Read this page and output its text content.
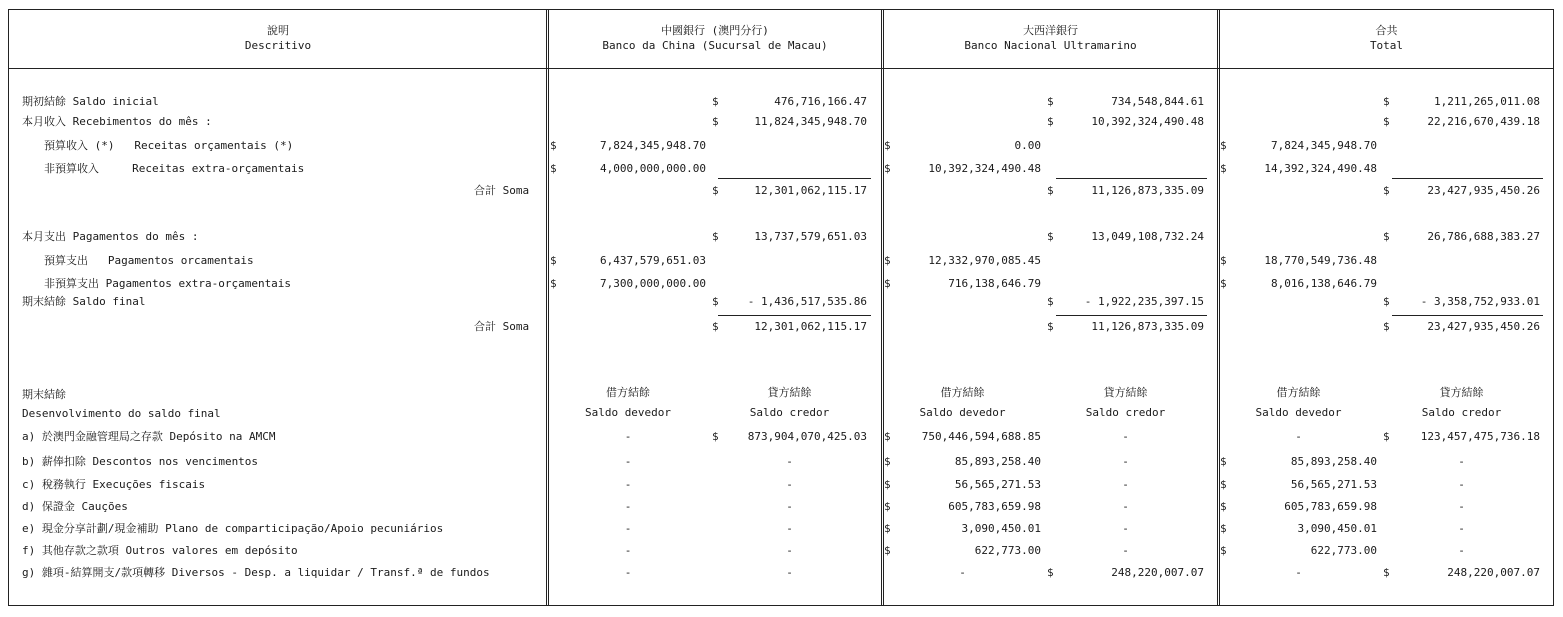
說明
Descritivo
中國銀行 (澳門分行)
Banco da China (Sucursal de Macau)
大西洋銀行
Banco Nacional Ultramarino
合共
Total
期初結餘 Saldo inicial	$	476,716,166.47	$	734,548,844.61	$	1,211,265,011.08
本月收入 Recebimentos do mês :	$	11,824,345,948.70	$	10,392,324,490.48	$	22,216,670,439.18
預算收入 (*)   Receitas orçamentais (*)	$	7,824,345,948.70	$	0.00	$	7,824,345,948.70
非預算收入     Receitas extra-orçamentais	$	4,000,000,000.00	$	10,392,324,490.48	$	14,392,324,490.48
合計 Soma	$	12,301,062,115.17	$	11,126,873,335.09	$	23,427,935,450.26
本月支出 Pagamentos do mês :	$	13,737,579,651.03	$	13,049,108,732.24	$	26,786,688,383.27
預算支出   Pagamentos orcamentais	$	6,437,579,651.03	$	12,332,970,085.45	$	18,770,549,736.48
非預算支出 Pagamentos extra-orçamentais	$	7,300,000,000.00	$	716,138,646.79	$	8,016,138,646.79
期末結餘 Saldo final	$	- 1,436,517,535.86	$	- 1,922,235,397.15	$	- 3,358,752,933.01
合計 Soma	$	12,301,062,115.17	$	11,126,873,335.09	$	23,427,935,450.26
期末結餘
Desenvolvimento do saldo final
借方結餘
Saldo devedor
貸方結餘
Saldo credor
借方結餘
Saldo devedor
貸方結餘
Saldo credor
借方結餘
Saldo devedor
貸方結餘
Saldo credor
a) 於澳門金融管理局之存款 Depósito na AMCM	-	$	873,904,070,425.03 $	750,446,594,688.85	-	-	$	123,457,475,736.18
b) 薪俸扣除 Descontos nos vencimentos	-	-	$	85,893,258.40	-	$	85,893,258.40	-
c) 稅務執行 Execuções fiscais	-	-	$	56,565,271.53	-	$	56,565,271.53	-
d) 保證金 Cauções	-	-	$	605,783,659.98	-	$	605,783,659.98	-
e) 現金分享計劃/現金補助 Plano de comparticipação/Apoio pecuniários	-	-	$	3,090,450.01	-	$	3,090,450.01	-
f) 其他存款之款項 Outros valores em depósito	-	-	$	622,773.00	-	$	622,773.00	-
g) 雜項-結算開支/款項轉移 Diversos - Desp. a liquidar / Transf.ª de fundos	-	-	-	$	248,220,007.07	-	$	248,220,007.07
